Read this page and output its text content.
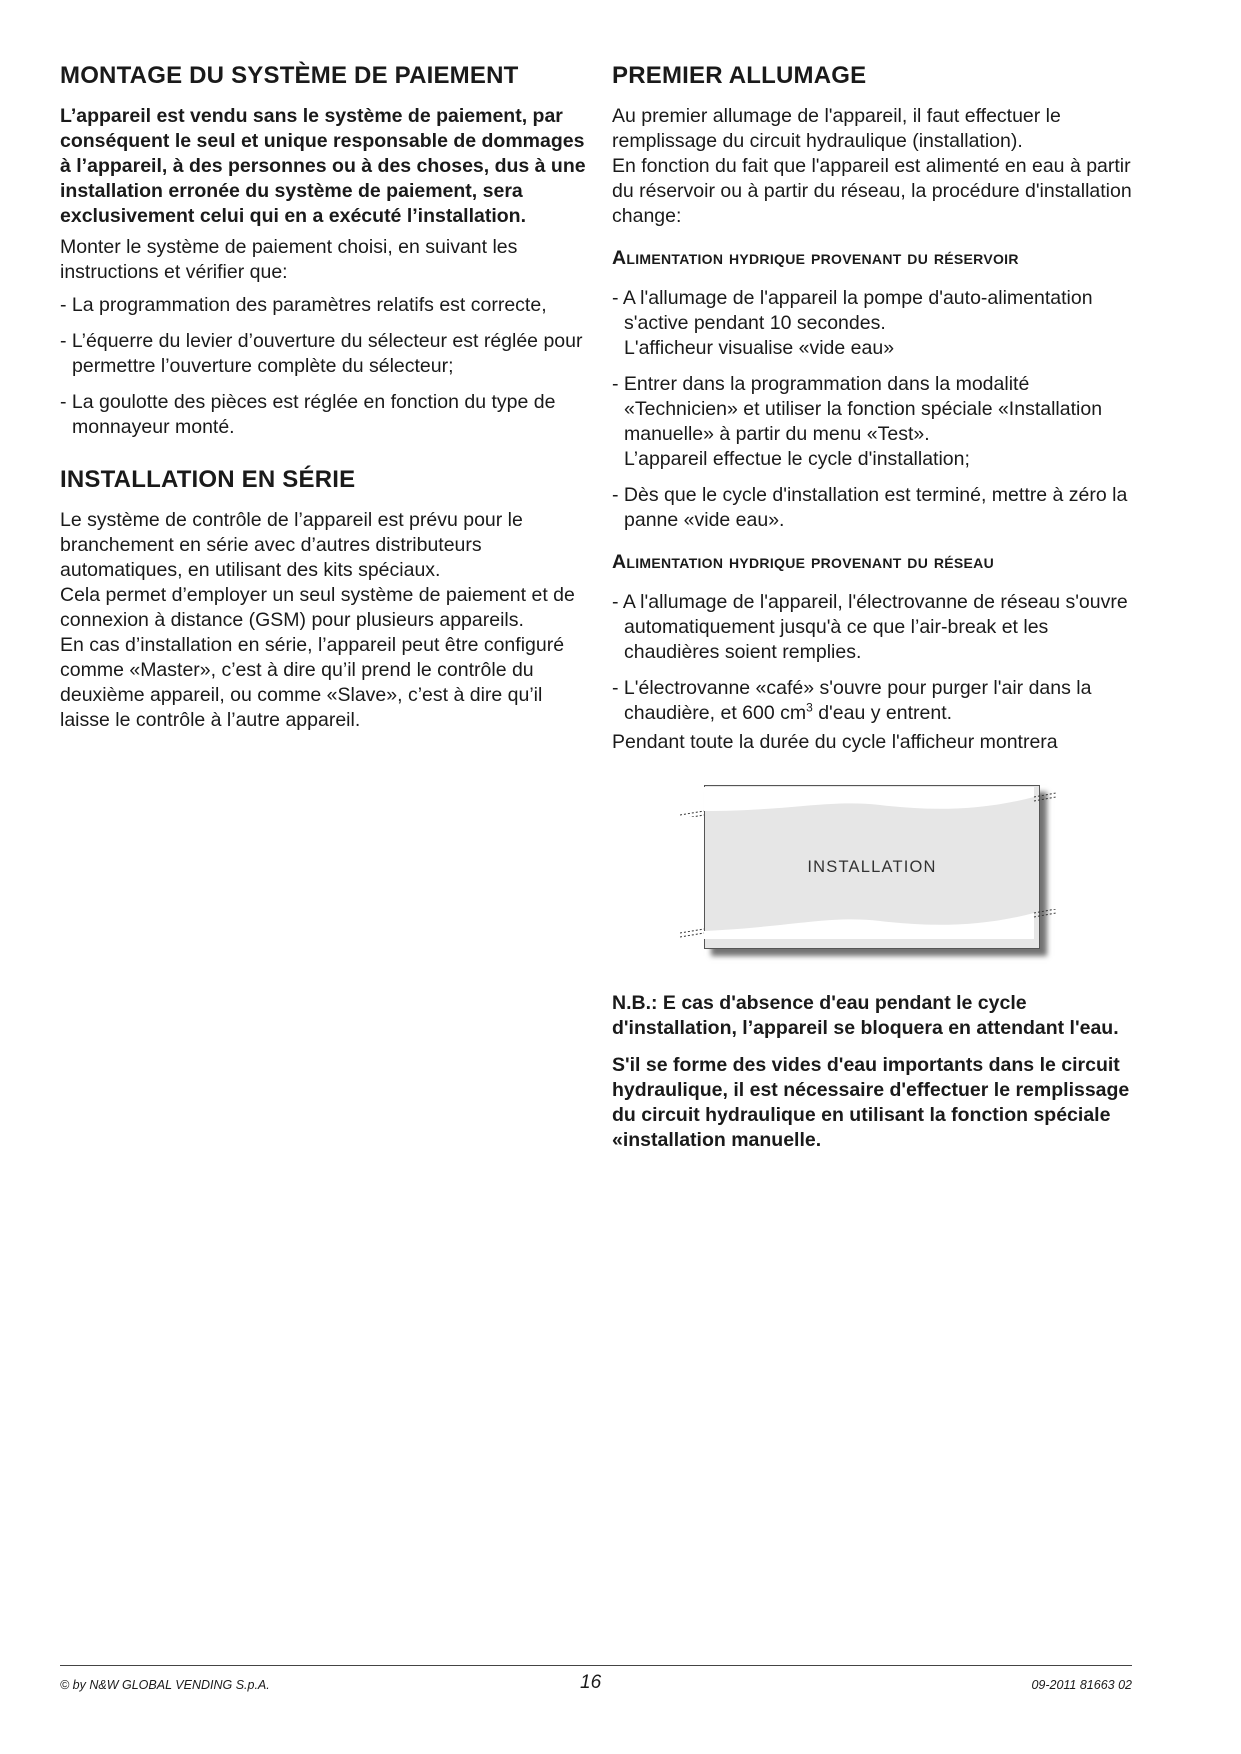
MONTAGE DU SYSTÈME DE PAIEMENT

L’appareil est vendu sans le système de paiement, par conséquent le seul et unique responsable de dommages à l’appareil, à des personnes ou à des choses, dus à une installation erronée du système de paiement, sera exclusivement celui qui en a exécuté l’installation.

Monter le système de paiement choisi, en suivant les instructions et vérifier que:

- La programmation des paramètres relatifs est correcte,
- L’équerre du levier d’ouverture du sélecteur est réglée pour permettre l’ouverture complète du sélecteur;
- La goulotte des pièces est réglée en fonction du type de monnayeur monté.
INSTALLATION EN SÉRIE

Le système de contrôle de l’appareil est prévu pour le branchement en série avec d’autres distributeurs automatiques, en utilisant des kits spéciaux.

Cela permet d’employer un seul système de paiement et de connexion à distance (GSM) pour plusieurs appareils.

En cas d’installation en série, l’appareil peut être configuré comme «Master», c’est à dire qu’il prend le contrôle du deuxième appareil, ou comme «Slave», c’est à dire qu’il laisse le contrôle à l’autre appareil.

PREMIER ALLUMAGE

Au premier allumage de l'appareil, il faut effectuer le remplissage du circuit hydraulique (installation).

En fonction du fait que l'appareil est alimenté en eau à partir du réservoir ou à partir du réseau, la procédure d'installation change:

Alimentation hydrique provenant du réservoir
- A l'allumage de l'appareil la pompe d'auto-alimentation s'active pendant 10 secondes.
L'afficheur visualise «vide eau»
- Entrer dans la programmation dans la modalité «Technicien» et utiliser la fonction spéciale «Installation manuelle» à partir du menu «Test».
L’appareil effectue le cycle d'installation;
- Dès que le cycle d'installation est terminé, mettre à zéro la panne «vide eau».
Alimentation hydrique provenant du réseau
- A l'allumage de l'appareil, l'électrovanne de réseau s'ouvre automatiquement jusqu'à ce que l’air-break et les chaudières soient remplies.
- L'électrovanne «café» s'ouvre pour purger l'air dans la chaudière, et 600 $cm^3$ d'eau y entrent.

Pendant toute la durée du cycle l'afficheur montrera

INSTALLATION

N.B.: E cas d'absence d'eau pendant le cycle d'installation, l’appareil se bloquera en attendant l'eau.

S'il se forme des vides d'eau importants dans le circuit hydraulique, il est nécessaire d'effectuer le remplissage du circuit hydraulique en utilisant la fonction spéciale «installation manuelle.

© by N&W GLOBAL VENDING S.p.A.	16	09-2011 81663 02
